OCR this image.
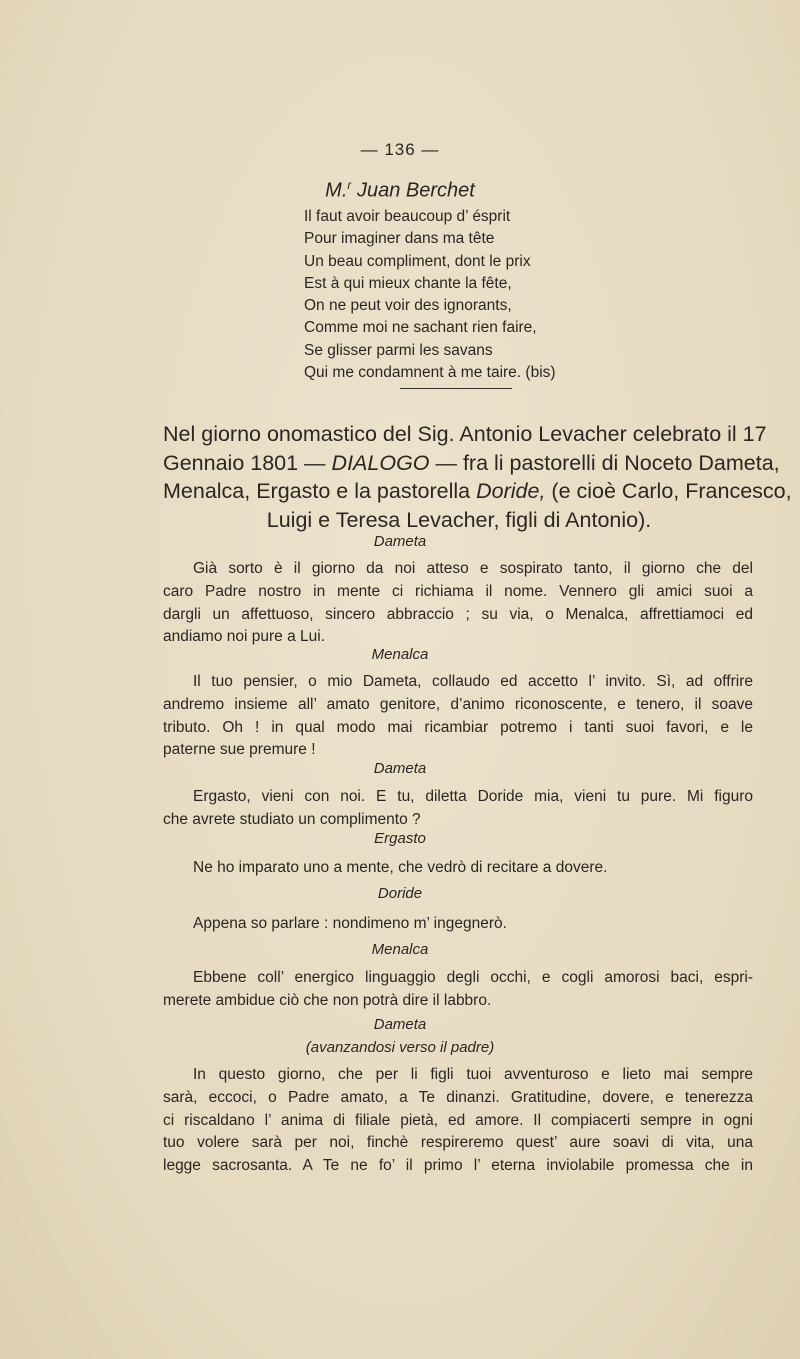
— 136 —
M.$^r$ Juan Berchet
Il faut avoir beaucoup d’ ésprit
Pour imaginer dans ma tête
Un beau compliment, dont le prix
Est à qui mieux chante la fête,
On ne peut voir des ignorants,
Comme moi ne sachant rien faire,
Se glisser parmi les savans
Qui me condamnent à me taire. (bis)
Nel giorno onomastico del Sig. Antonio Levacher celebrato il 17
Gennaio 1801 — DIALOGO — fra li pastorelli di Noceto Dameta,
Menalca, Ergasto e la pastorella Doride, (e cioè Carlo, Francesco,
Luigi e Teresa Levacher, figli di Antonio).
Dameta
Già sorto è il giorno da noi atteso e sospirato tanto, il giorno che del
caro Padre nostro in mente ci richiama il nome. Vennero gli amici suoi a
dargli un affettuoso, sincero abbraccio ; su via, o Menalca, affrettiamoci ed
andiamo noi pure a Lui.
Menalca
Il tuo pensier, o mio Dameta, collaudo ed accetto l’ invito. Sì, ad offrire
andremo insieme all’ amato genitore, d’animo riconoscente, e tenero, il soave
tributo. Oh ! in qual modo mai ricambiar potremo i tanti suoi favori, e le
paterne sue premure !
Dameta
Ergasto, vieni con noi. E tu, diletta Doride mia, vieni tu pure. Mi figuro
che avrete studiato un complimento ?
Ergasto
Ne ho imparato uno a mente, che vedrò di recitare a dovere.
Doride
Appena so parlare : nondimeno m’ ingegnerò.
Menalca
Ebbene coll’ energico linguaggio degli occhi, e cogli amorosi baci, espri-
merete ambidue ciò che non potrà dire il labbro.
Dameta
(avanzandosi verso il padre)
In questo giorno, che per li figli tuoi avventuroso e lieto mai sempre
sarà, eccoci, o Padre amato, a Te dinanzi. Gratitudine, dovere, e tenerezza
ci riscaldano l’ anima di filiale pietà, ed amore. Il compiacerti sempre in ogni
tuo volere sarà per noi, finchè respireremo quest’ aure soavi di vita, una
legge sacrosanta. A Te ne fo’ il primo l’ eterna inviolabile promessa che in
